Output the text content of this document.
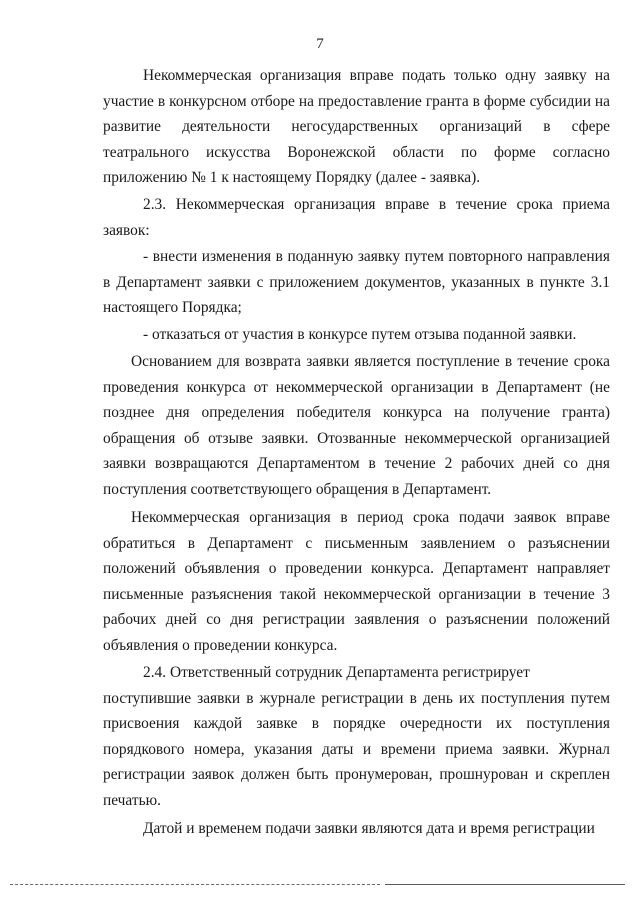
7
Некоммерческая организация вправе подать только одну заявку на участие в конкурсном отборе на предоставление гранта в форме субсидии на развитие деятельности негосударственных организаций в сфере театрального искусства Воронежской области по форме согласно приложению № 1 к настоящему Порядку (далее - заявка).
2.3. Некоммерческая организация вправе в течение срока приема заявок:
- внести изменения в поданную заявку путем повторного направления в Департамент заявки с приложением документов, указанных в пункте 3.1 настоящего Порядка;
- отказаться от участия в конкурсе путем отзыва поданной заявки.
Основанием для возврата заявки является поступление в течение срока проведения конкурса от некоммерческой организации в Департамент (не позднее дня определения победителя конкурса на получение гранта) обращения об отзыве заявки. Отозванные некоммерческой организацией заявки возвращаются Департаментом в течение 2 рабочих дней со дня поступления соответствующего обращения в Департамент.
Некоммерческая организация в период срока подачи заявок вправе обратиться в Департамент с письменным заявлением о разъяснении положений объявления о проведении конкурса. Департамент направляет письменные разъяснения такой некоммерческой организации в течение 3 рабочих дней со дня регистрации заявления о разъяснении положений объявления о проведении конкурса.
2.4. Ответственный сотрудник Департамента регистрирует
поступившие заявки в журнале регистрации в день их поступления путем присвоения каждой заявке в порядке очередности их поступления порядкового номера, указания даты и времени приема заявки. Журнал регистрации заявок должен быть пронумерован, прошнурован и скреплен печатью.
Датой и временем подачи заявки являются дата и время регистрации
